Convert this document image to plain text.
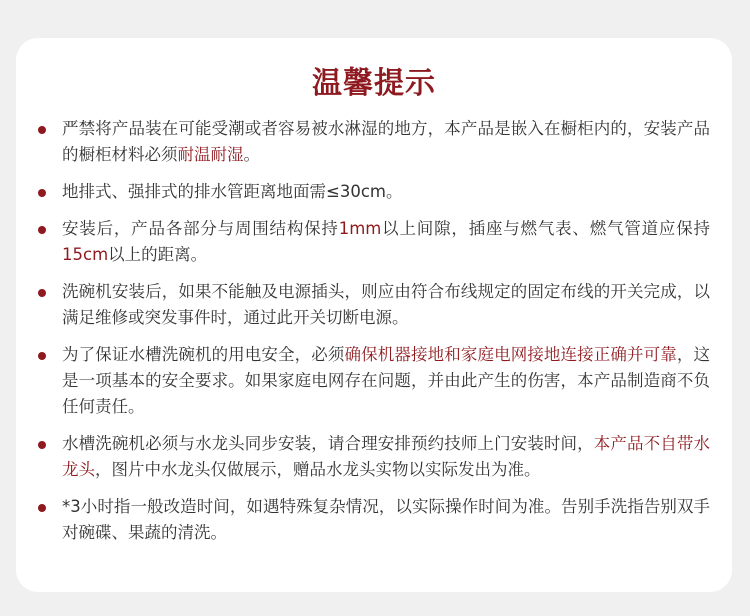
温馨提示
严禁将产品装在可能受潮或者容易被水淋湿的地方，本产品是嵌入在橱柜内的，安装产品的橱柜材料必须耐温耐湿。
地排式、强排式的排水管距离地面需≤30cm。
安装后，产品各部分与周围结构保持1mm以上间隙，插座与燃气表、燃气管道应保持15cm以上的距离。
洗碗机安装后，如果不能触及电源插头，则应由符合布线规定的固定布线的开关完成，以满足维修或突发事件时，通过此开关切断电源。
为了保证水槽洗碗机的用电安全，必须确保机器接地和家庭电网接地连接正确并可靠，这是一项基本的安全要求。如果家庭电网存在问题，并由此产生的伤害，本产品制造商不负任何责任。
水槽洗碗机必须与水龙头同步安装，请合理安排预约技师上门安装时间，本产品不自带水龙头，图片中水龙头仅做展示，赠品水龙头实物以实际发出为准。
*3小时指一般改造时间，如遇特殊复杂情况，以实际操作时间为准。告别手洗指告别双手对碗碟、果蔬的清洗。
